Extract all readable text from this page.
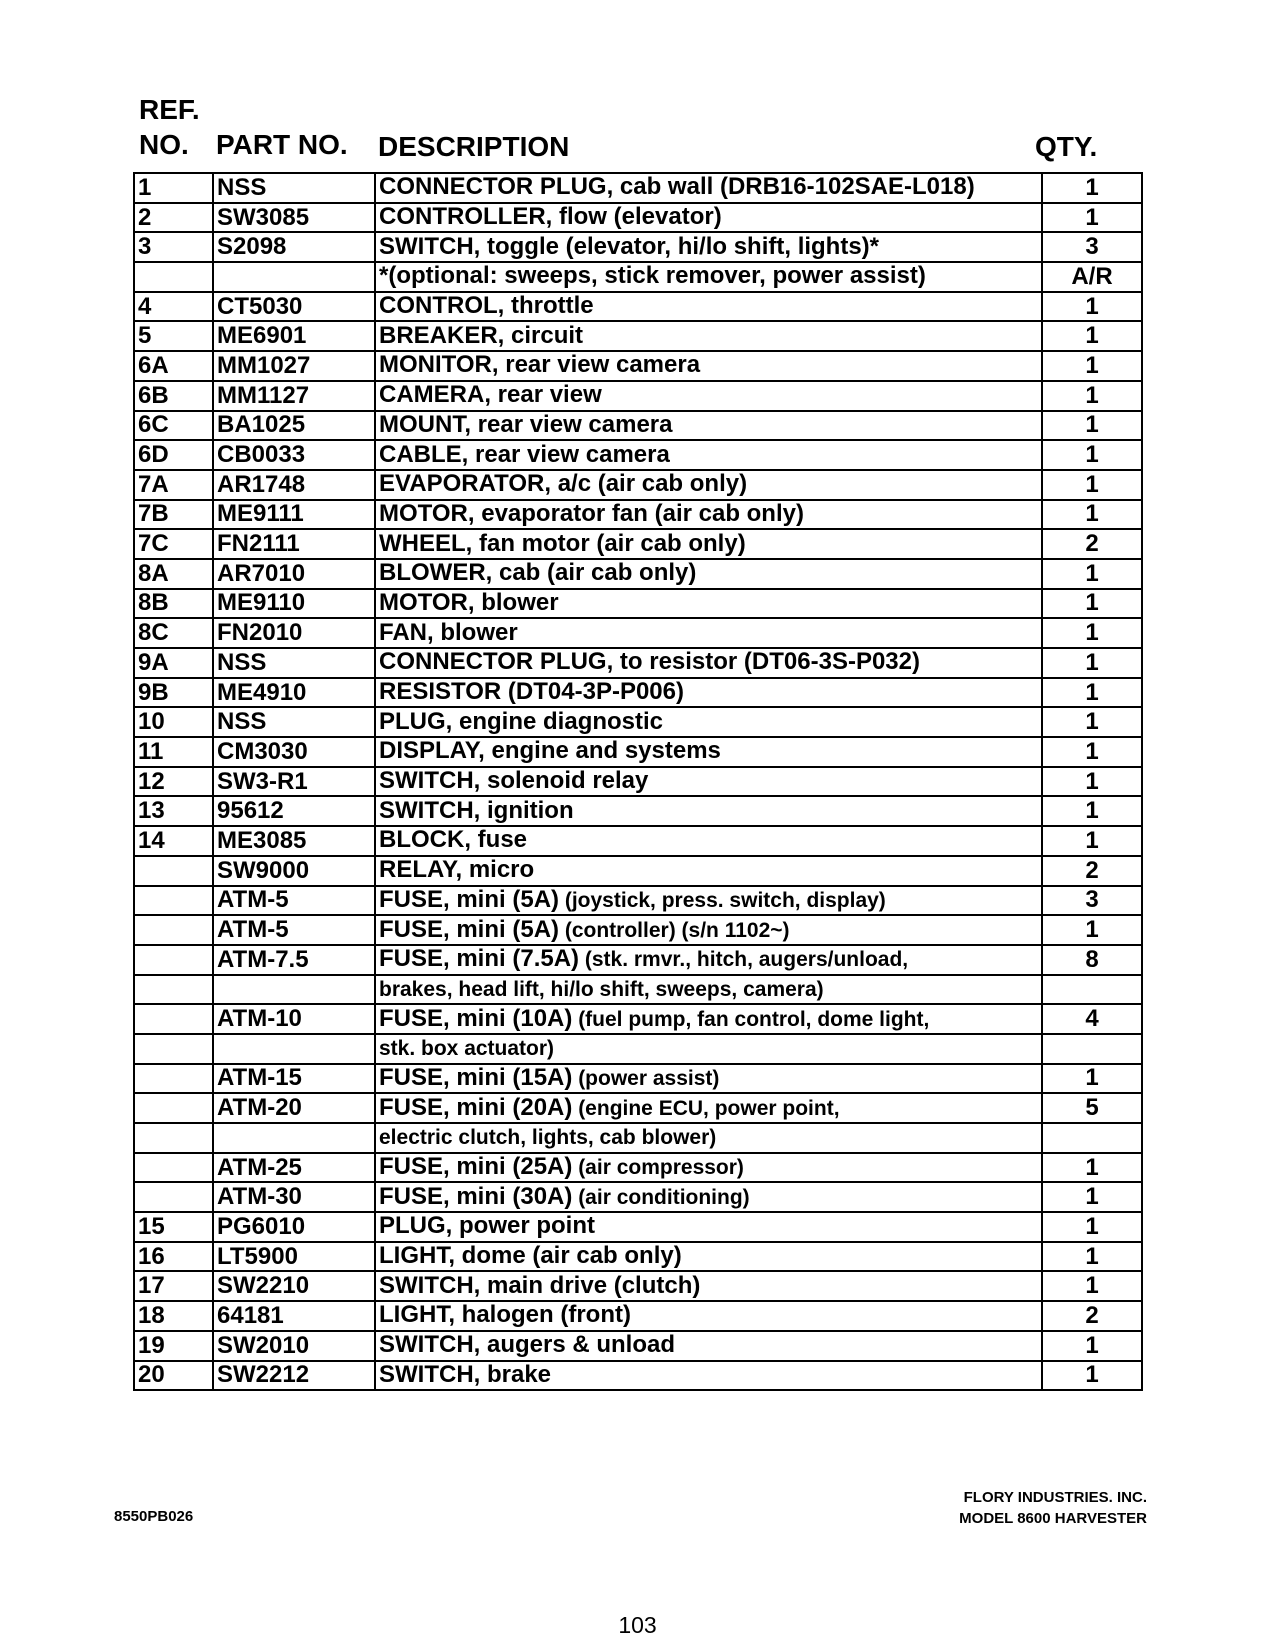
REF.
NO. PART NO. DESCRIPTION	QTY.
1	NSS	CONNECTOR PLUG, cab wall (DRB16-102SAE-L018)	1
2	SW3085	CONTROLLER, flow (elevator)	1
3	S2098	SWITCH, toggle (elevator, hi/lo shift, lights)*	3
		*(optional: sweeps, stick remover, power assist)	A/R
4	CT5030	CONTROL, throttle	1
5	ME6901	BREAKER, circuit	1
6A	MM1027	MONITOR, rear view camera	1
6B	MM1127	CAMERA, rear view	1
6C	BA1025	MOUNT, rear view camera	1
6D	CB0033	CABLE, rear view camera	1
7A	AR1748	EVAPORATOR, a/c (air cab only)	1
7B	ME9111	MOTOR, evaporator fan (air cab only)	1
7C	FN2111	WHEEL, fan motor (air cab only)	2
8A	AR7010	BLOWER, cab (air cab only)	1
8B	ME9110	MOTOR, blower	1
8C	FN2010	FAN, blower	1
9A	NSS	CONNECTOR PLUG, to resistor (DT06-3S-P032)	1
9B	ME4910	RESISTOR (DT04-3P-P006)	1
10	NSS	PLUG, engine diagnostic	1
11	CM3030	DISPLAY, engine and systems	1
12	SW3-R1	SWITCH, solenoid relay	1
13	95612	SWITCH, ignition	1
14	ME3085	BLOCK, fuse	1
	SW9000	RELAY, micro	2
	ATM-5	FUSE, mini (5A) (joystick, press. switch, display)	3
	ATM-5	FUSE, mini (5A) (controller) (s/n 1102~)	1
	ATM-7.5	FUSE, mini (7.5A) (stk. rmvr., hitch, augers/unload,	8
		brakes, head lift, hi/lo shift, sweeps, camera)	
	ATM-10	FUSE, mini (10A) (fuel pump, fan control, dome light,	4
		stk. box actuator)	
	ATM-15	FUSE, mini (15A) (power assist)	1
	ATM-20	FUSE, mini (20A) (engine ECU, power point,	5
		electric clutch, lights, cab blower)	
	ATM-25	FUSE, mini (25A) (air compressor)	1
	ATM-30	FUSE, mini (30A) (air conditioning)	1
15	PG6010	PLUG, power point	1
16	LT5900	LIGHT, dome (air cab only)	1
17	SW2210	SWITCH, main drive (clutch)	1
18	64181	LIGHT, halogen (front)	2
19	SW2010	SWITCH, augers & unload	1
20	SW2212	SWITCH, brake	1
8550PB026
FLORY INDUSTRIES. INC.
MODEL 8600 HARVESTER
103
